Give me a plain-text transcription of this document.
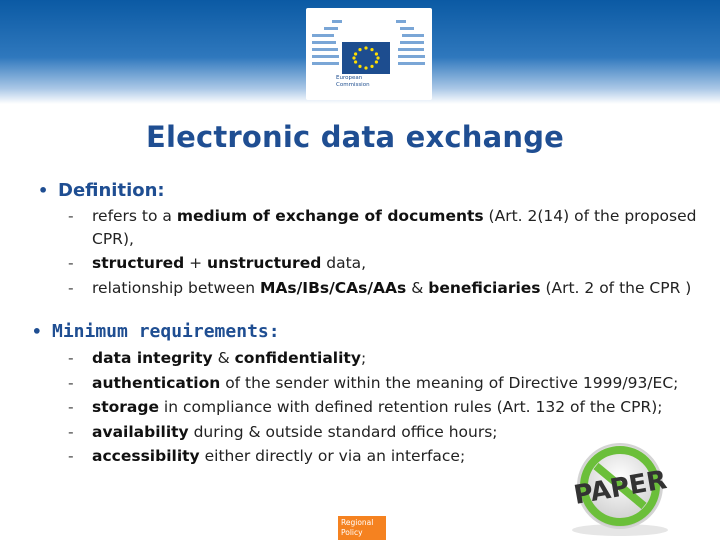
European
Commission
Electronic data exchange
• Definition:
-	refers to a medium of exchange of documents (Art. 2(14) of the proposed CPR),
-	structured + unstructured data,
-	relationship between MAs/IBs/CAs/AAs & beneficiaries (Art. 2 of the CPR )
• Minimum requirements:
-	data integrity & confidentiality;
-	authentication of the sender within the meaning of Directive 1999/93/EC;
-	storage in compliance with defined retention rules (Art. 132 of the CPR);
-	availability during & outside standard office hours;
-	accessibility either directly or via an interface;
Regional
Policy
PAPER
